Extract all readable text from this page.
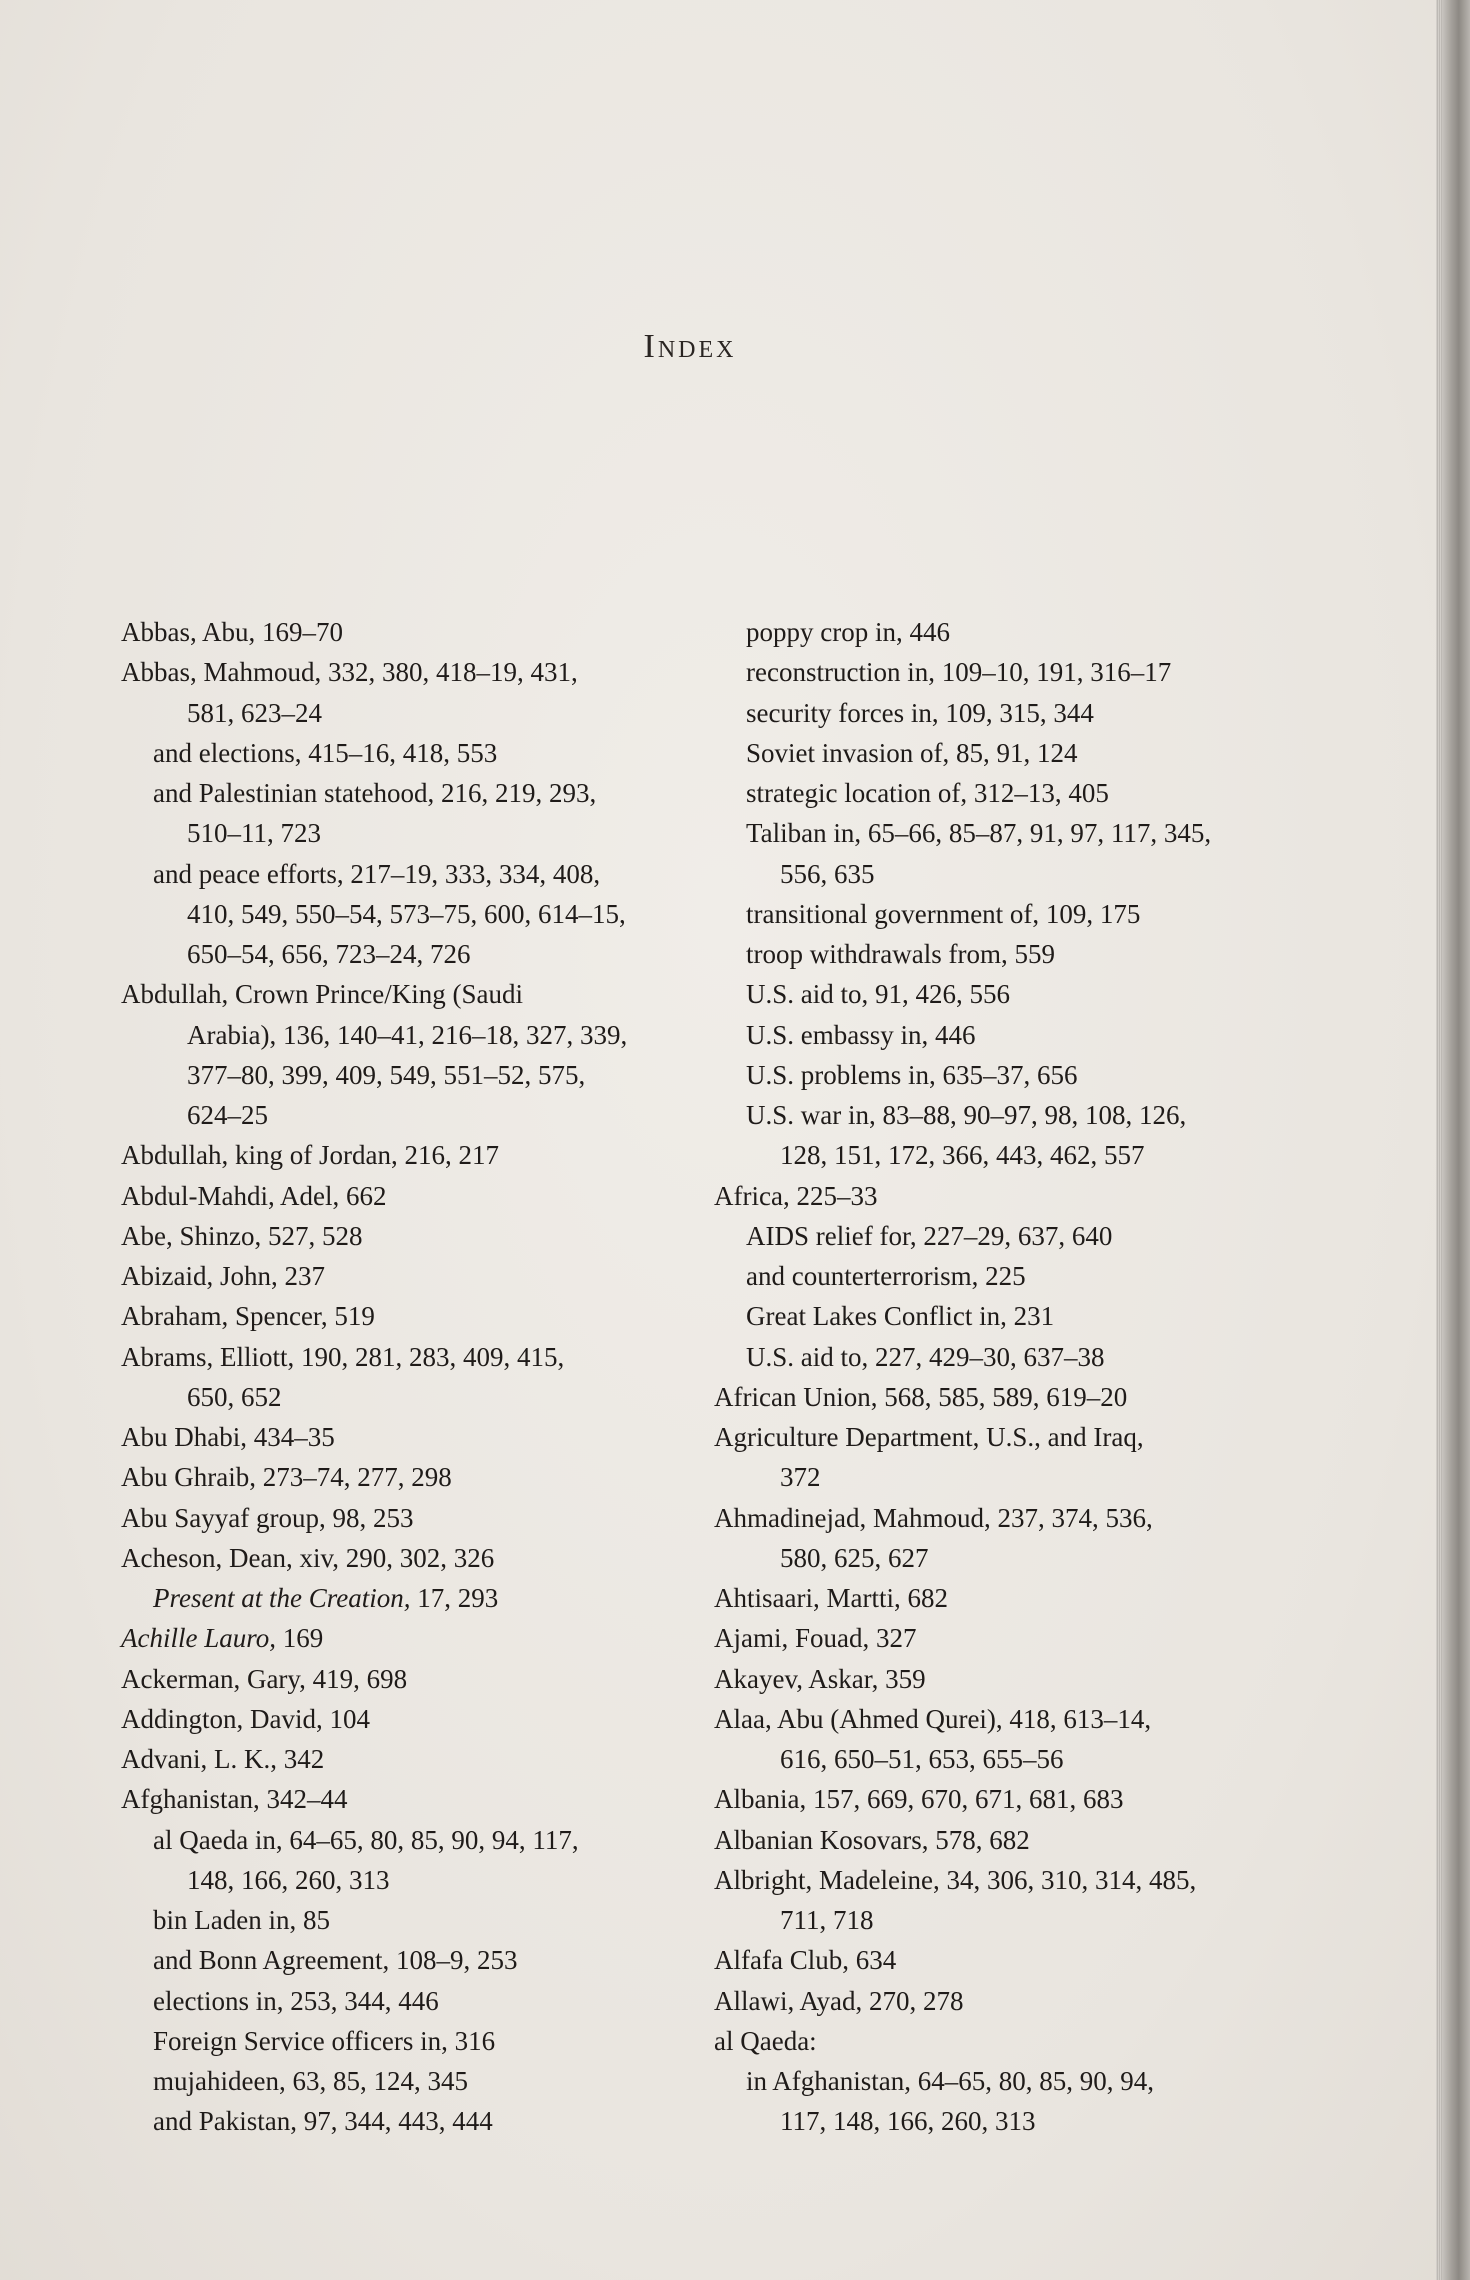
Index
Abbas, Abu, 169–70
Abbas, Mahmoud, 332, 380, 418–19, 431,
581, 623–24
and elections, 415–16, 418, 553
and Palestinian statehood, 216, 219, 293,
510–11, 723
and peace efforts, 217–19, 333, 334, 408,
410, 549, 550–54, 573–75, 600, 614–15,
650–54, 656, 723–24, 726
Abdullah, Crown Prince/King (Saudi
Arabia), 136, 140–41, 216–18, 327, 339,
377–80, 399, 409, 549, 551–52, 575,
624–25
Abdullah, king of Jordan, 216, 217
Abdul-Mahdi, Adel, 662
Abe, Shinzo, 527, 528
Abizaid, John, 237
Abraham, Spencer, 519
Abrams, Elliott, 190, 281, 283, 409, 415,
650, 652
Abu Dhabi, 434–35
Abu Ghraib, 273–74, 277, 298
Abu Sayyaf group, 98, 253
Acheson, Dean, xiv, 290, 302, 326
Present at the Creation, 17, 293
Achille Lauro, 169
Ackerman, Gary, 419, 698
Addington, David, 104
Advani, L. K., 342
Afghanistan, 342–44
al Qaeda in, 64–65, 80, 85, 90, 94, 117,
148, 166, 260, 313
bin Laden in, 85
and Bonn Agreement, 108–9, 253
elections in, 253, 344, 446
Foreign Service officers in, 316
mujahideen, 63, 85, 124, 345
and Pakistan, 97, 344, 443, 444
poppy crop in, 446
reconstruction in, 109–10, 191, 316–17
security forces in, 109, 315, 344
Soviet invasion of, 85, 91, 124
strategic location of, 312–13, 405
Taliban in, 65–66, 85–87, 91, 97, 117, 345,
556, 635
transitional government of, 109, 175
troop withdrawals from, 559
U.S. aid to, 91, 426, 556
U.S. embassy in, 446
U.S. problems in, 635–37, 656
U.S. war in, 83–88, 90–97, 98, 108, 126,
128, 151, 172, 366, 443, 462, 557
Africa, 225–33
AIDS relief for, 227–29, 637, 640
and counterterrorism, 225
Great Lakes Conflict in, 231
U.S. aid to, 227, 429–30, 637–38
African Union, 568, 585, 589, 619–20
Agriculture Department, U.S., and Iraq,
372
Ahmadinejad, Mahmoud, 237, 374, 536,
580, 625, 627
Ahtisaari, Martti, 682
Ajami, Fouad, 327
Akayev, Askar, 359
Alaa, Abu (Ahmed Qurei), 418, 613–14,
616, 650–51, 653, 655–56
Albania, 157, 669, 670, 671, 681, 683
Albanian Kosovars, 578, 682
Albright, Madeleine, 34, 306, 310, 314, 485,
711, 718
Alfafa Club, 634
Allawi, Ayad, 270, 278
al Qaeda:
in Afghanistan, 64–65, 80, 85, 90, 94,
117, 148, 166, 260, 313
